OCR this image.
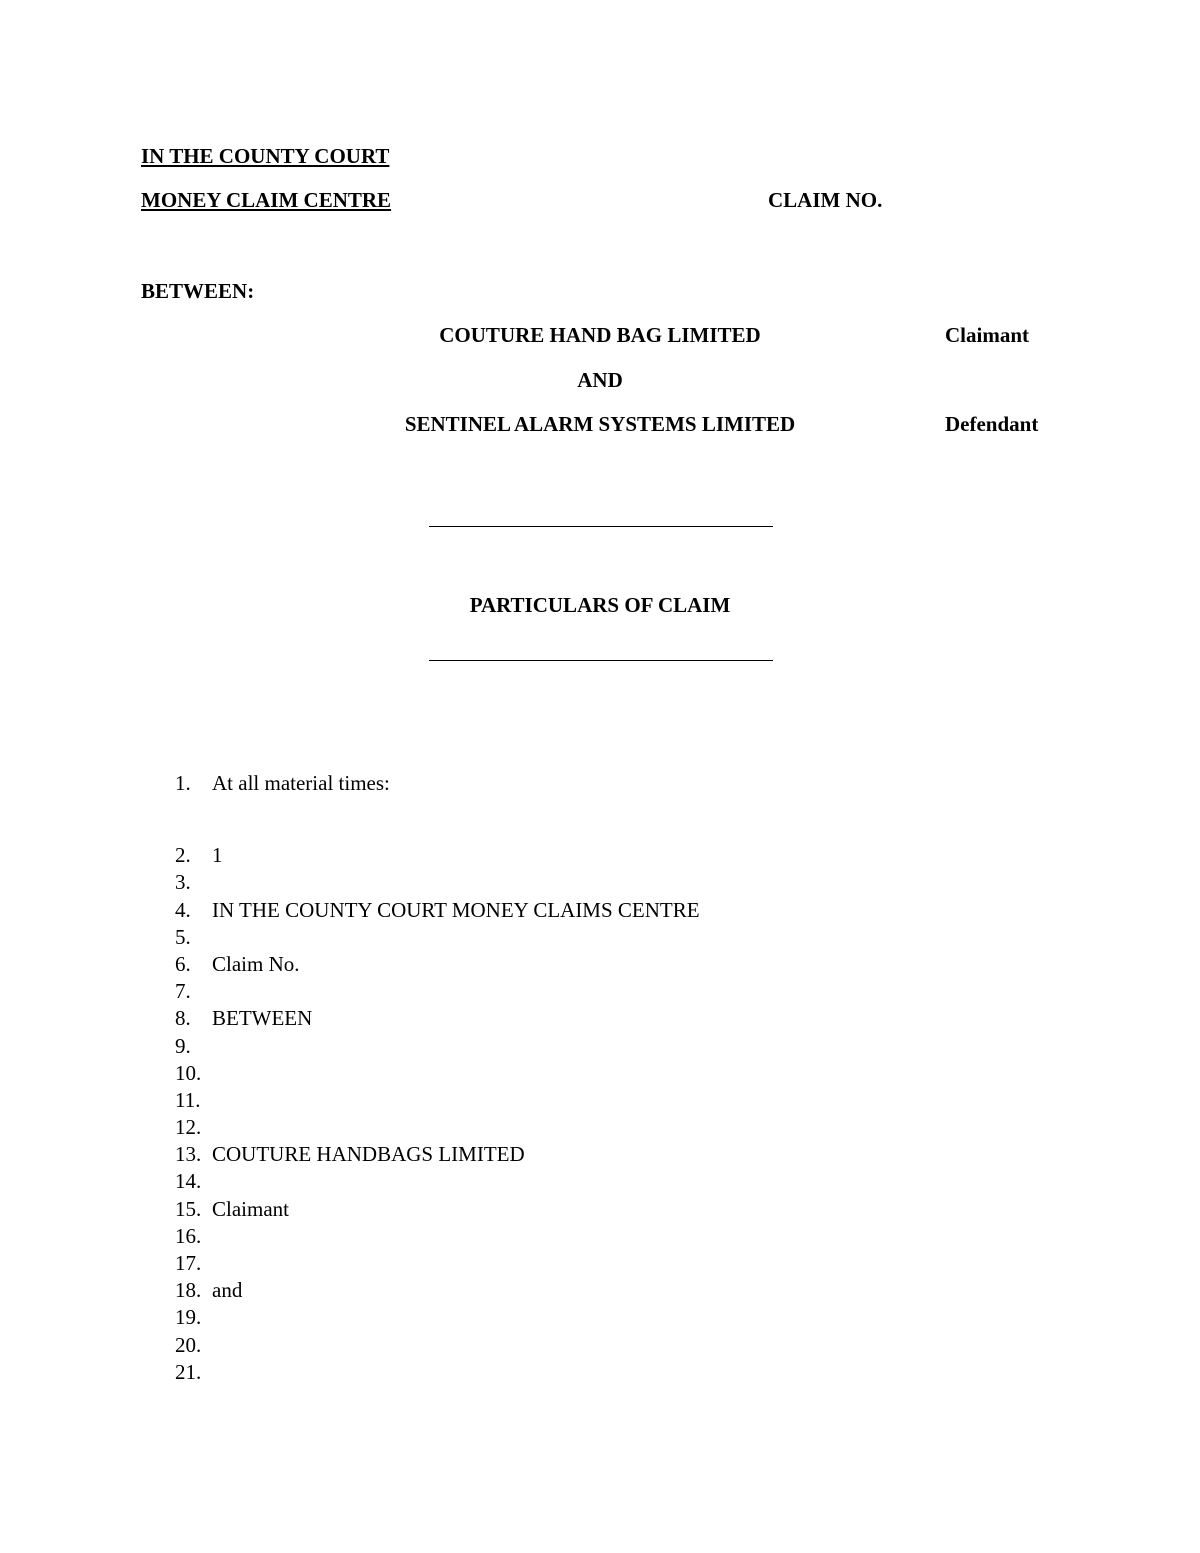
IN THE COUNTY COURT
MONEY CLAIM CENTRE	CLAIM NO.
BETWEEN:
COUTURE HAND BAG LIMITED	Claimant
AND
SENTINEL ALARM SYSTEMS LIMITED	Defendant
PARTICULARS OF CLAIM
1. At all material times:
2. 1
3.
4. IN THE COUNTY COURT MONEY CLAIMS CENTRE
5.
6. Claim No.
7.
8. BETWEEN
9.
10.
11.
12.
13. COUTURE HANDBAGS LIMITED
14.
15. Claimant
16.
17.
18. and
19.
20.
21.
